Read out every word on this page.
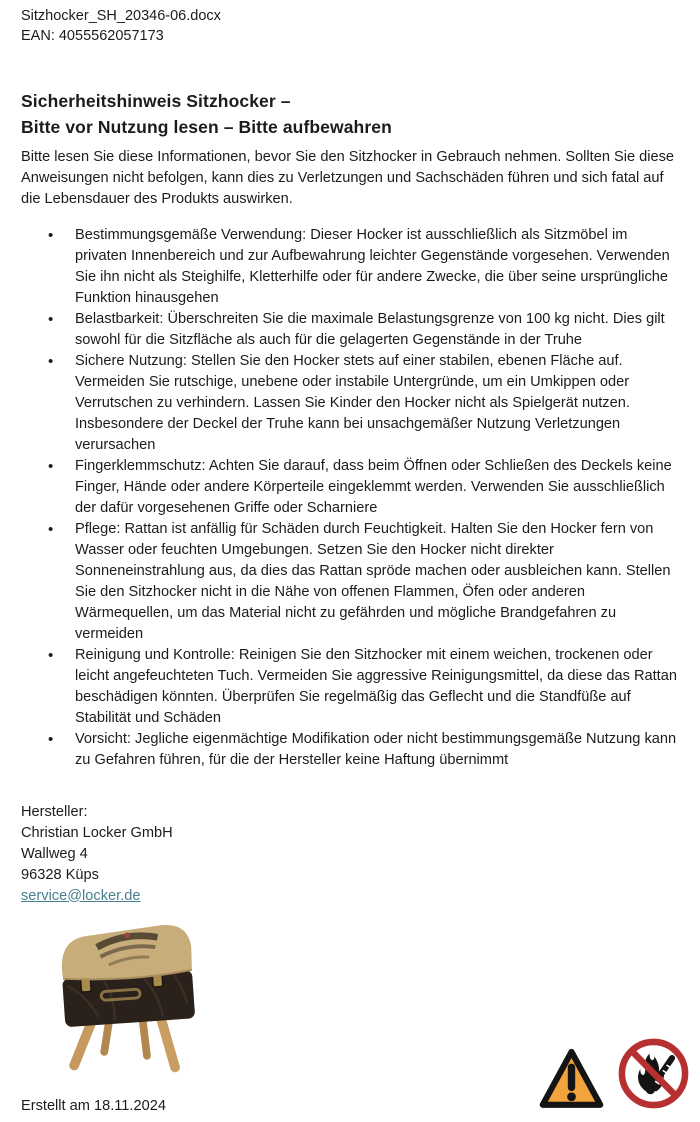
Sitzhocker_SH_20346-06.docx
EAN: 4055562057173
Sicherheitshinweis Sitzhocker –
Bitte vor Nutzung lesen – Bitte aufbewahren

Bitte lesen Sie diese Informationen, bevor Sie den Sitzhocker in Gebrauch nehmen. Sollten Sie diese Anweisungen nicht befolgen, kann dies zu Verletzungen und Sachschäden führen und sich fatal auf die Lebensdauer des Produkts auswirken.

• Bestimmungsgemäße Verwendung: Dieser Hocker ist ausschließlich als Sitzmöbel im privaten Innenbereich und zur Aufbewahrung leichter Gegenstände vorgesehen. Verwenden Sie ihn nicht als Steighilfe, Kletterhilfe oder für andere Zwecke, die über seine ursprüngliche Funktion hinausgehen
• Belastbarkeit: Überschreiten Sie die maximale Belastungsgrenze von 100 kg nicht. Dies gilt sowohl für die Sitzfläche als auch für die gelagerten Gegenstände in der Truhe
• Sichere Nutzung: Stellen Sie den Hocker stets auf einer stabilen, ebenen Fläche auf. Vermeiden Sie rutschige, unebene oder instabile Untergründe, um ein Umkippen oder Verrutschen zu verhindern. Lassen Sie Kinder den Hocker nicht als Spielgerät nutzen. Insbesondere der Deckel der Truhe kann bei unsachgemäßer Nutzung Verletzungen verursachen
• Fingerklemmschutz: Achten Sie darauf, dass beim Öffnen oder Schließen des Deckels keine Finger, Hände oder andere Körperteile eingeklemmt werden. Verwenden Sie ausschließlich der dafür vorgesehenen Griffe oder Scharniere
• Pflege: Rattan ist anfällig für Schäden durch Feuchtigkeit. Halten Sie den Hocker fern von Wasser oder feuchten Umgebungen. Setzen Sie den Hocker nicht direkter Sonneneinstrahlung aus, da dies das Rattan spröde machen oder ausbleichen kann. Stellen Sie den Sitzhocker nicht in die Nähe von offenen Flammen, Öfen oder anderen Wärmequellen, um das Material nicht zu gefährden und mögliche Brandgefahren zu vermeiden
• Reinigung und Kontrolle: Reinigen Sie den Sitzhocker mit einem weichen, trockenen oder leicht angefeuchteten Tuch. Vermeiden Sie aggressive Reinigungsmittel, da diese das Rattan beschädigen könnten. Überprüfen Sie regelmäßig das Geflecht und die Standfüße auf Stabilität und Schäden
• Vorsicht: Jegliche eigenmächtige Modifikation oder nicht bestimmungsgemäße Nutzung kann zu Gefahren führen, für die der Hersteller keine Haftung übernimmt
Hersteller:
Christian Locker GmbH
Wallweg 4
96328 Küps
service@locker.de
Erstellt am 18.11.2024
